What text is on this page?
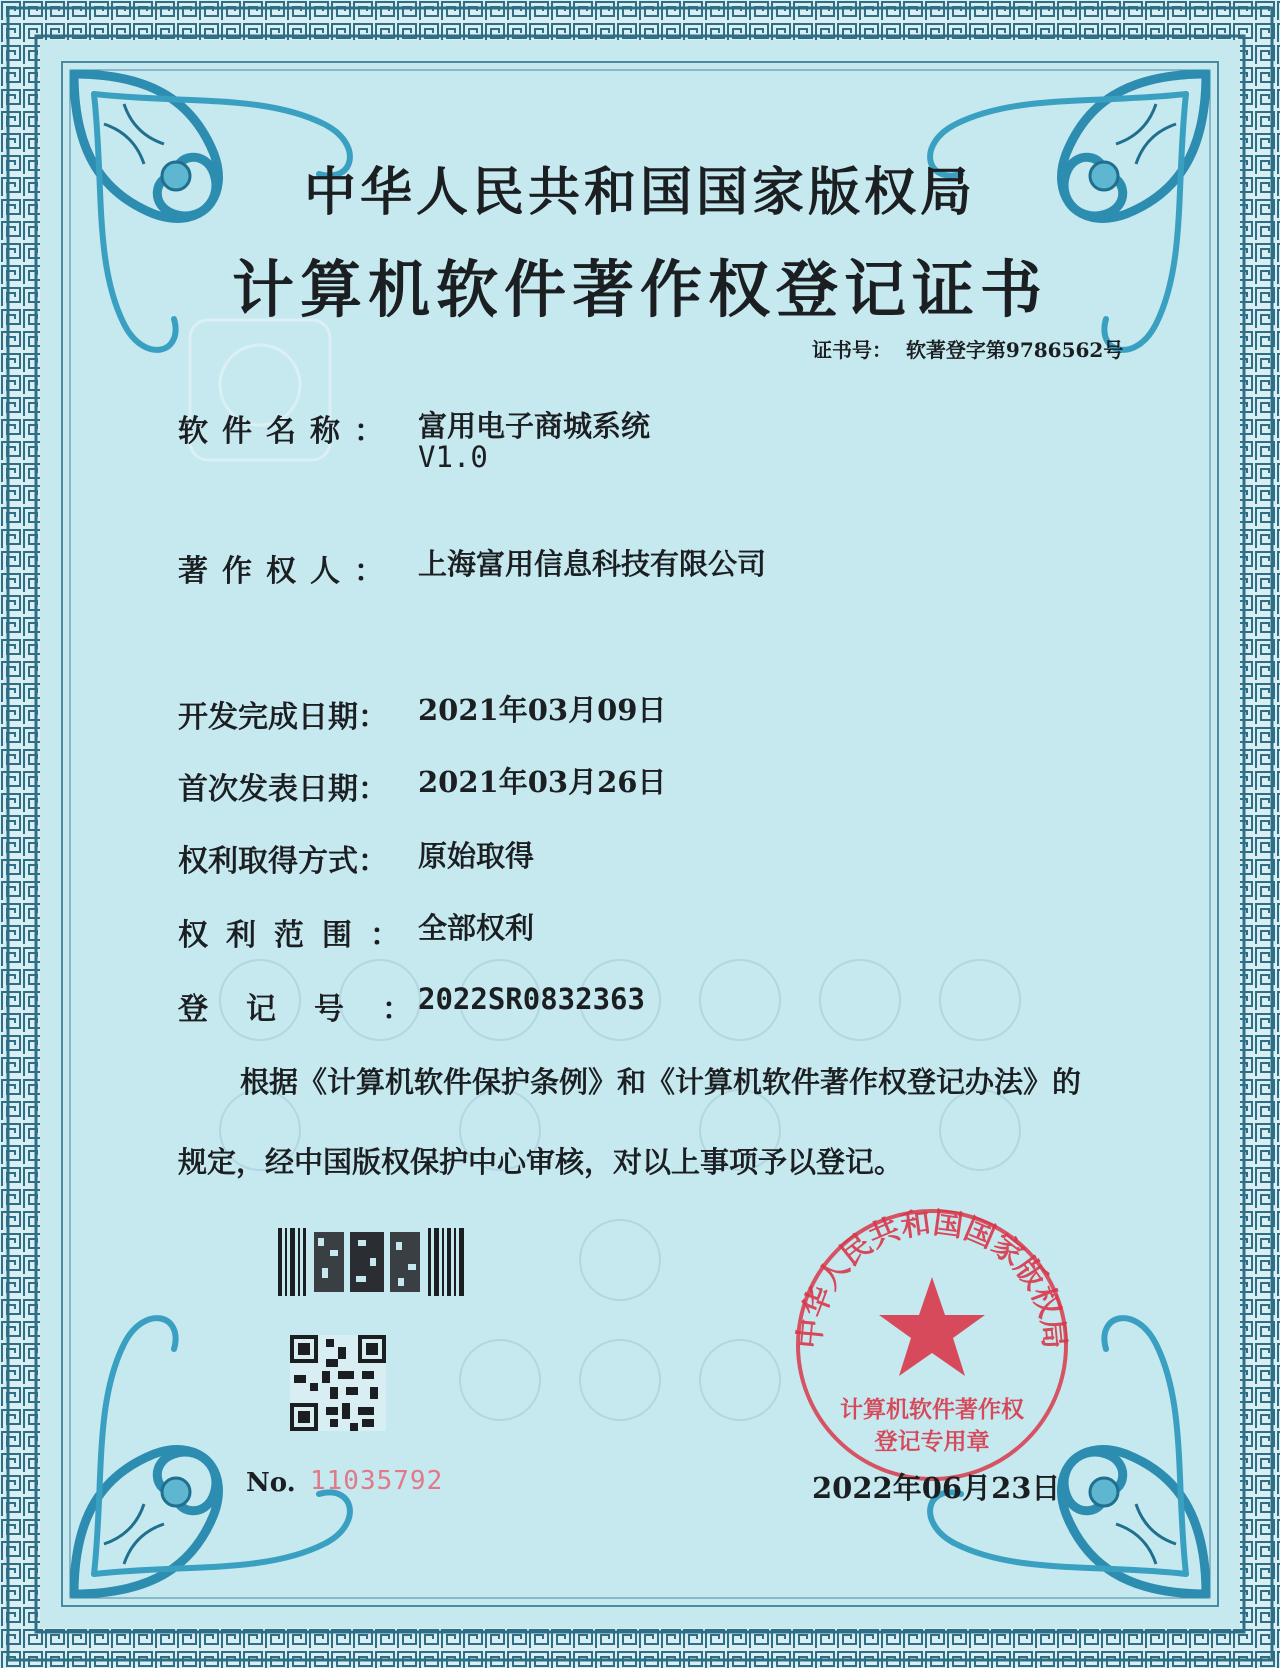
中华人民共和国国家版权局
计算机软件著作权登记证书
证书号： 软著登字第9786562号
软件名称： 富用电子商城系统
V1.0
著作权人： 上海富用信息科技有限公司
开发完成日期： 2021年03月09日
首次发表日期： 2021年03月26日
权利取得方式： 原始取得
权利范围： 全部权利
登记号：
2022SR0832363
根据《计算机软件保护条例》和《计算机软件著作权登记办法》的
规定，经中国版权保护中心审核，对以上事项予以登记。
中华人民共和国国家版权局
计算机软件著作权
登记专用章
No. 11035792	2022年06月23日
